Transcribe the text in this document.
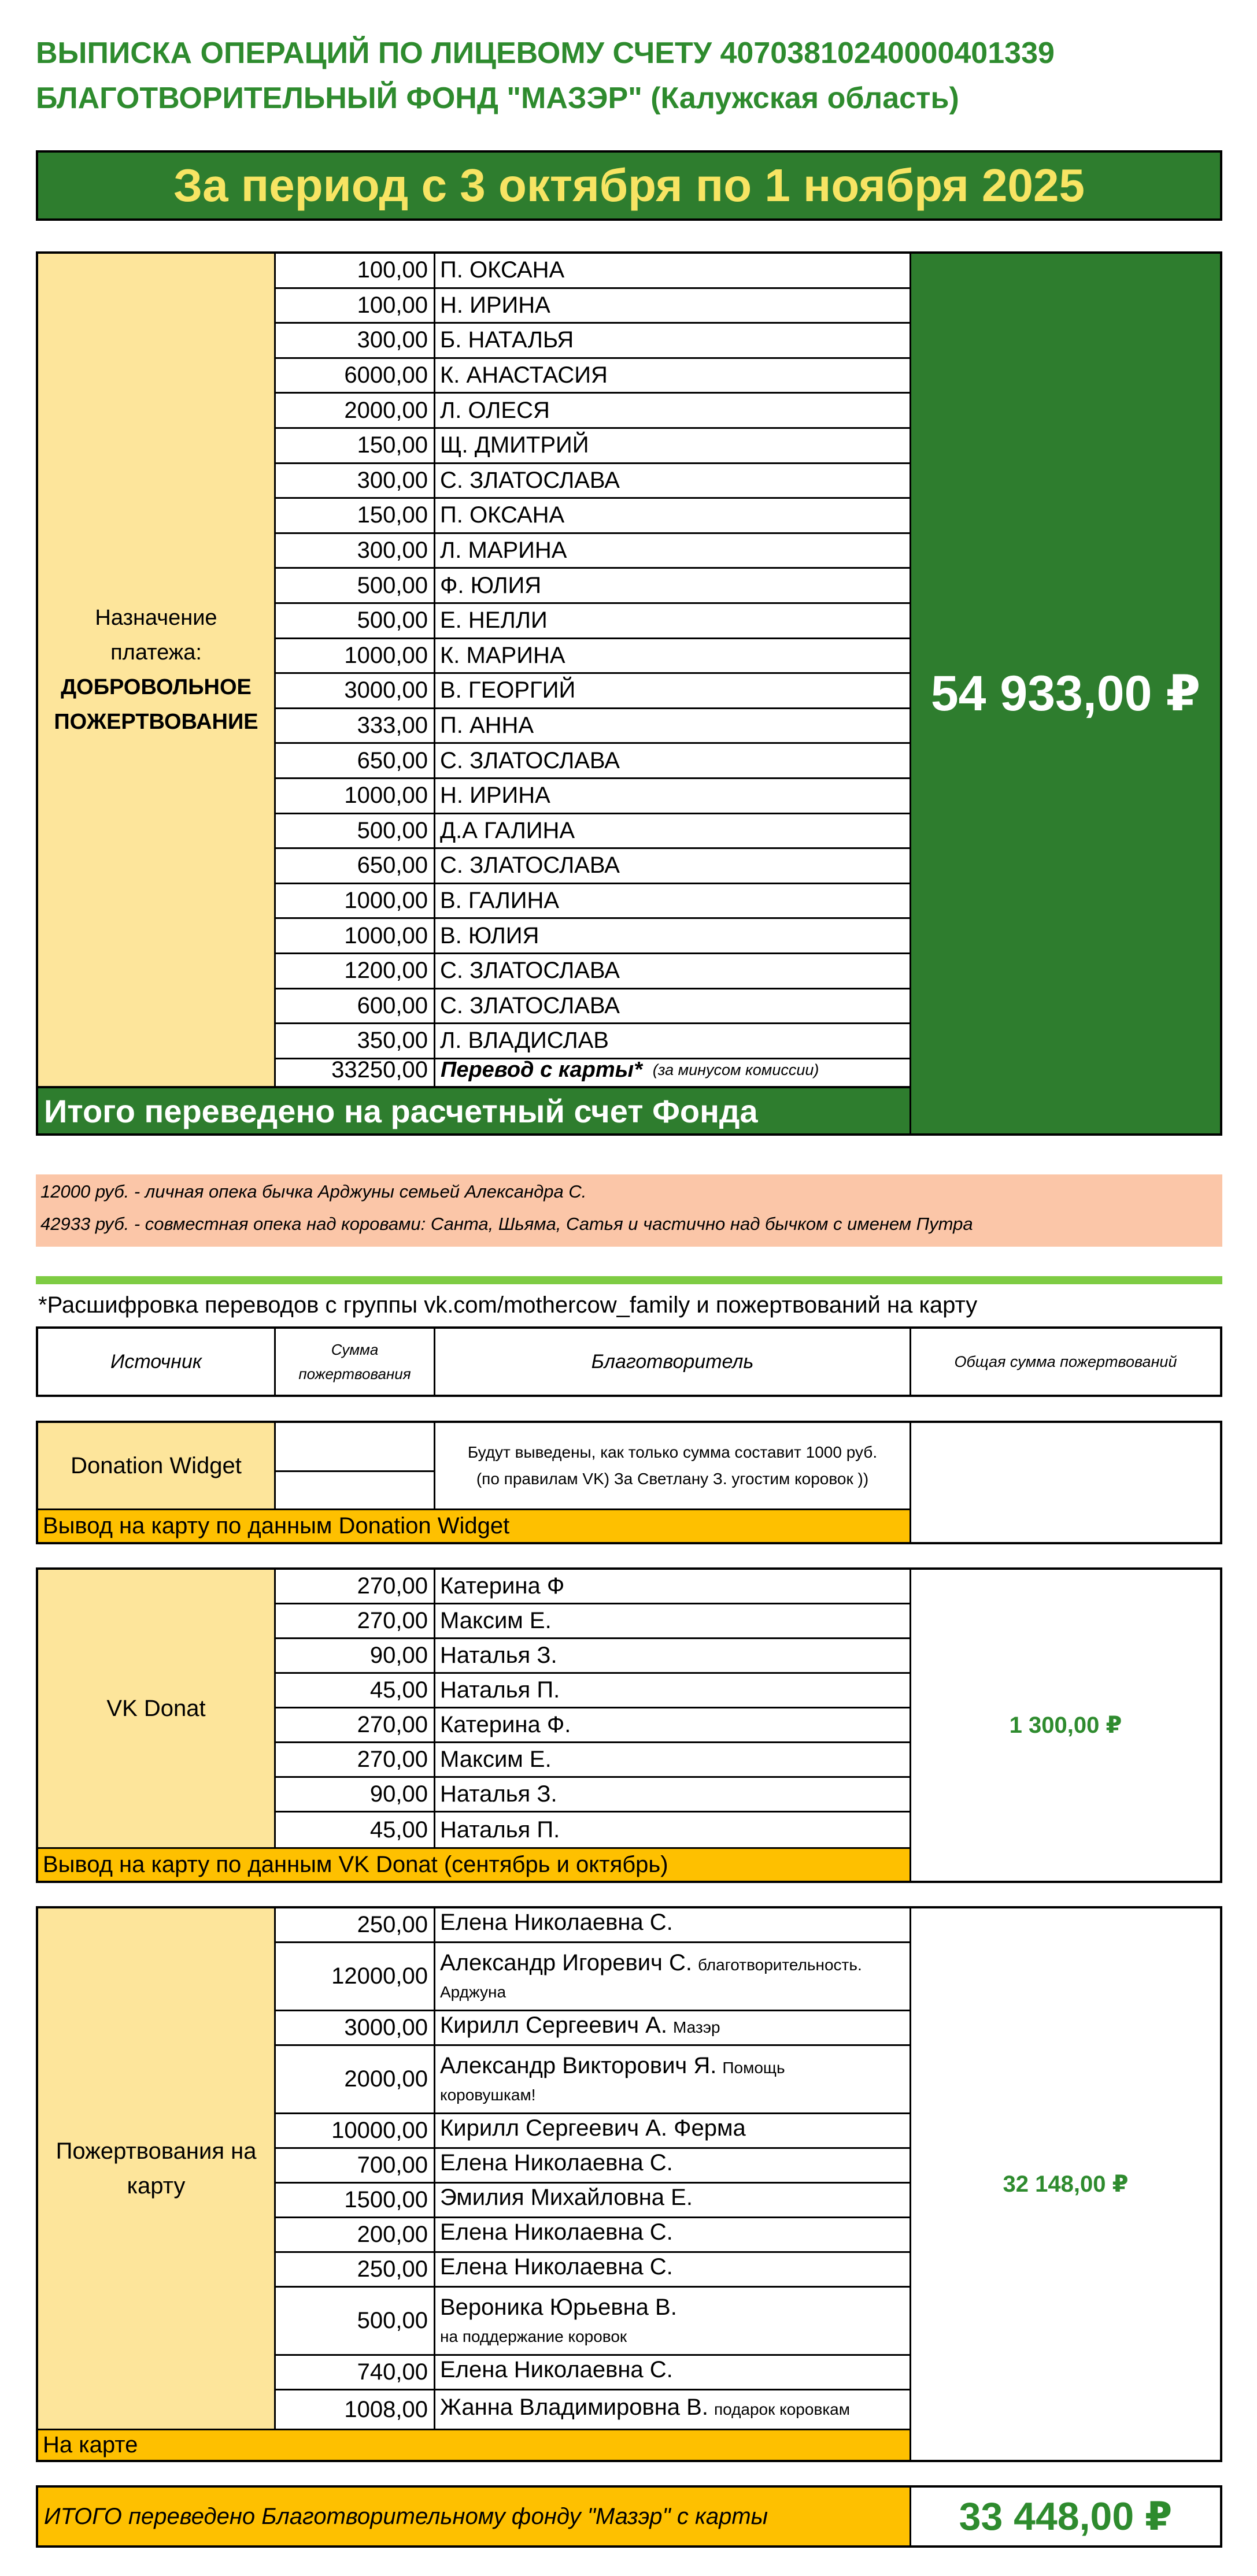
ВЫПИСКА ОПЕРАЦИЙ ПО ЛИЦЕВОМУ СЧЕТУ 40703810240000401339
БЛАГОТВОРИТЕЛЬНЫЙ ФОНД "МАЗЭР" (Калужская область)
За период с 3 октября по 1 ноября 2025
Назначение
платежа:
ДОБРОВОЛЬНОЕ
ПОЖЕРТВОВАНИЕ
100,00 П. ОКСАНА
100,00 Н. ИРИНА
300,00 Б. НАТАЛЬЯ
6000,00 К. АНАСТАСИЯ
2000,00 Л. ОЛЕСЯ
150,00 Щ. ДМИТРИЙ
300,00 С. ЗЛАТОСЛАВА
150,00 П. ОКСАНА
300,00 Л. МАРИНА
500,00 Ф. ЮЛИЯ
500,00 Е. НЕЛЛИ
1000,00 К. МАРИНА
3000,00 В. ГЕОРГИЙ
333,00 П. АННА
650,00 С. ЗЛАТОСЛАВА
1000,00 Н. ИРИНА
500,00 Д.А ГАЛИНА
650,00 С. ЗЛАТОСЛАВА
1000,00 В. ГАЛИНА
1000,00 В. ЮЛИЯ
1200,00 С. ЗЛАТОСЛАВА
600,00 С. ЗЛАТОСЛАВА
350,00 Л. ВЛАДИСЛАВ
33250,00 Перевод с карты* (за минусом комиссии)
54 933,00 ₽
Итого переведено на расчетный счет Фонда
12000 руб. - личная опека бычка Арджуны семьей Александра С.
42933 руб. - совместная опека над коровами: Санта, Шьяма, Сатья и частично над бычком с именем Путра
*Расшифровка переводов с группы vk.com/mothercow_family и пожертвований на карту
Источник
Сумма
пожертвования
Благотворитель	Общая сумма пожертвований
Donation Widget
Будут выведены, как только сумма составит 1000 руб.
(по правилам VK) За Светлану З. угостим коровок ))
Вывод на карту по данным Donation Widget
VK Donat
270,00 Катерина Ф
270,00 Максим Е.
90,00 Наталья З.
45,00 Наталья П.
270,00 Катерина Ф.
270,00 Максим Е.
90,00 Наталья З.
45,00 Наталья П.
1 300,00 ₽
Вывод на карту по данным VK Donat (сентябрь и октябрь)
Пожертвования на
карту
250,00 Елена Николаевна С.
12000,00
Александр Игоревич С. благотворительность.
Арджуна
3000,00 Кирилл Сергеевич А. Мазэр
2000,00
Александр Викторович Я. Помощь
коровушкам!
10000,00 Кирилл Сергеевич А. Ферма
700,00 Елена Николаевна С.
1500,00 Эмилия Михайловна Е.
200,00 Елена Николаевна С.
250,00 Елена Николаевна С.
500,00
Вероника Юрьевна В.
на поддержание коровок
740,00 Елена Николаевна С.
1008,00 Жанна Владимировна В. подарок коровкам
32 148,00 ₽
На карте
ИТОГО переведено Благотворительному фонду "Мазэр" с карты	33 448,00 ₽
